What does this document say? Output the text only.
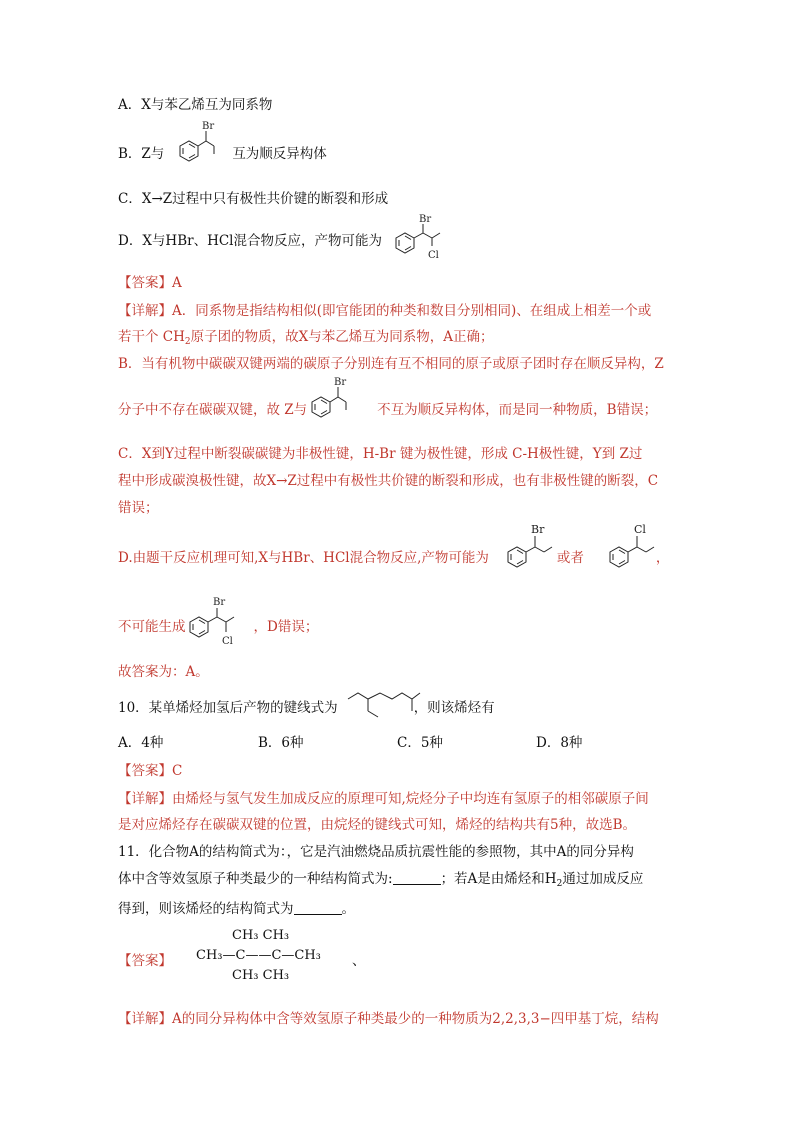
A．X与苯乙烯互为同系物
B．Z与	互为顺反异构体
Br
C．X→Z过程中只有极性共价键的断裂和形成
D．X与HBr、HCl混合物反应，产物可能为
Br
Cl
【答案】A
【详解】A．同系物是指结构相似(即官能团的种类和数目分别相同)、在组成上相差一个或
若干个 $CH_2$原子团的物质，故X与苯乙烯互为同系物，A正确；
B．当有机物中碳碳双键两端的碳原子分别连有互不相同的原子或原子团时存在顺反异构，Z
分子中不存在碳碳双键，故 Z与	不互为顺反异构体，而是同一种物质，B错误；
Br
C．X到Y过程中断裂碳碳键为非极性键，H-Br 键为极性键，形成 C-H极性键，Y到 Z过
程中形成碳溴极性键，故X→Z过程中有极性共价键的断裂和形成，也有非极性键的断裂，C
错误；
D.由题干反应机理可知,X与HBr、HCl混合物反应,产物可能为	或者	，
Br	Cl
不可能生成	，D错误；
Br
Cl
故答案为：A。
10．某单烯烃加氢后产物的键线式为	，则该烯烃有
A．4种	B．6种	C．5种	D．8种
【答案】C
【详解】由烯烃与氢气发生加成反应的原理可知,烷烃分子中均连有氢原子的相邻碳原子间
是对应烯烃存在碳碳双键的位置，由烷烃的键线式可知，烯烃的结构共有5种，故选B。
11．化合物A的结构简式为：，它是汽油燃烧品质抗震性能的参照物，其中A的同分异构
体中含等效氢原子种类最少的一种结构简式为:	；若A是由烯烃和$H_2$通过加成反应
得到，则该烯烃的结构简式为	。
【答案】
CH₃ CH₃
CH₃—C——C—CH₃
CH₃ CH₃
、
【详解】A的同分异构体中含等效氢原子种类最少的一种物质为2,2,3,3−四甲基丁烷，结构
